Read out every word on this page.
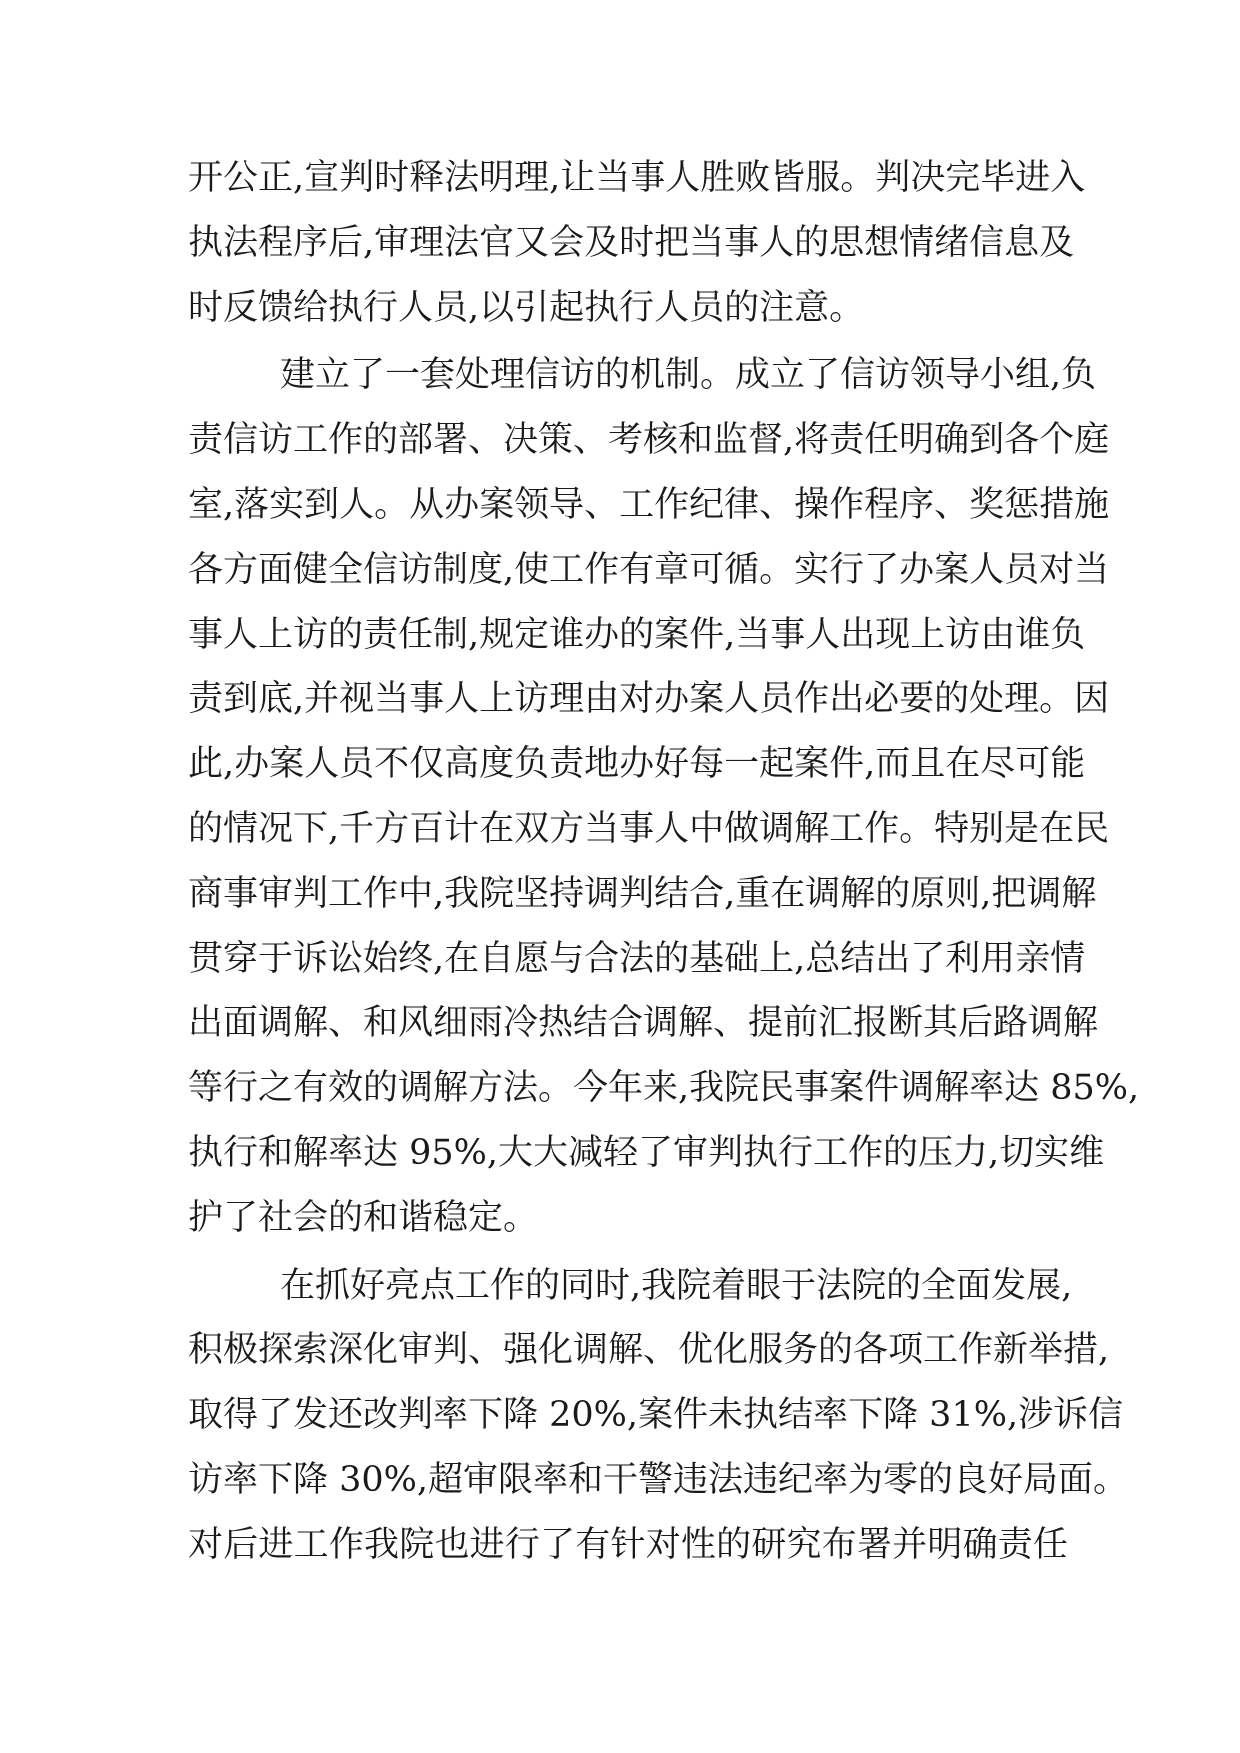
开公正,宣判时释法明理,让当事人胜败皆服。判决完毕进入
执法程序后,审理法官又会及时把当事人的思想情绪信息及
时反馈给执行人员,以引起执行人员的注意。
建立了一套处理信访的机制。成立了信访领导小组,负
责信访工作的部署、决策、考核和监督,将责任明确到各个庭
室,落实到人。从办案领导、工作纪律、操作程序、奖惩措施
各方面健全信访制度,使工作有章可循。实行了办案人员对当
事人上访的责任制,规定谁办的案件,当事人出现上访由谁负
责到底,并视当事人上访理由对办案人员作出必要的处理。因
此,办案人员不仅高度负责地办好每一起案件,而且在尽可能
的情况下,千方百计在双方当事人中做调解工作。特别是在民
商事审判工作中,我院坚持调判结合,重在调解的原则,把调解
贯穿于诉讼始终,在自愿与合法的基础上,总结出了利用亲情
出面调解、和风细雨冷热结合调解、提前汇报断其后路调解
等行之有效的调解方法。今年来,我院民事案件调解率达 85%,
执行和解率达 95%,大大减轻了审判执行工作的压力,切实维
护了社会的和谐稳定。
在抓好亮点工作的同时,我院着眼于法院的全面发展,
积极探索深化审判、强化调解、优化服务的各项工作新举措,
取得了发还改判率下降 20%,案件未执结率下降 31%,涉诉信
访率下降 30%,超审限率和干警违法违纪率为零的良好局面。
对后进工作我院也进行了有针对性的研究布署并明确责任
